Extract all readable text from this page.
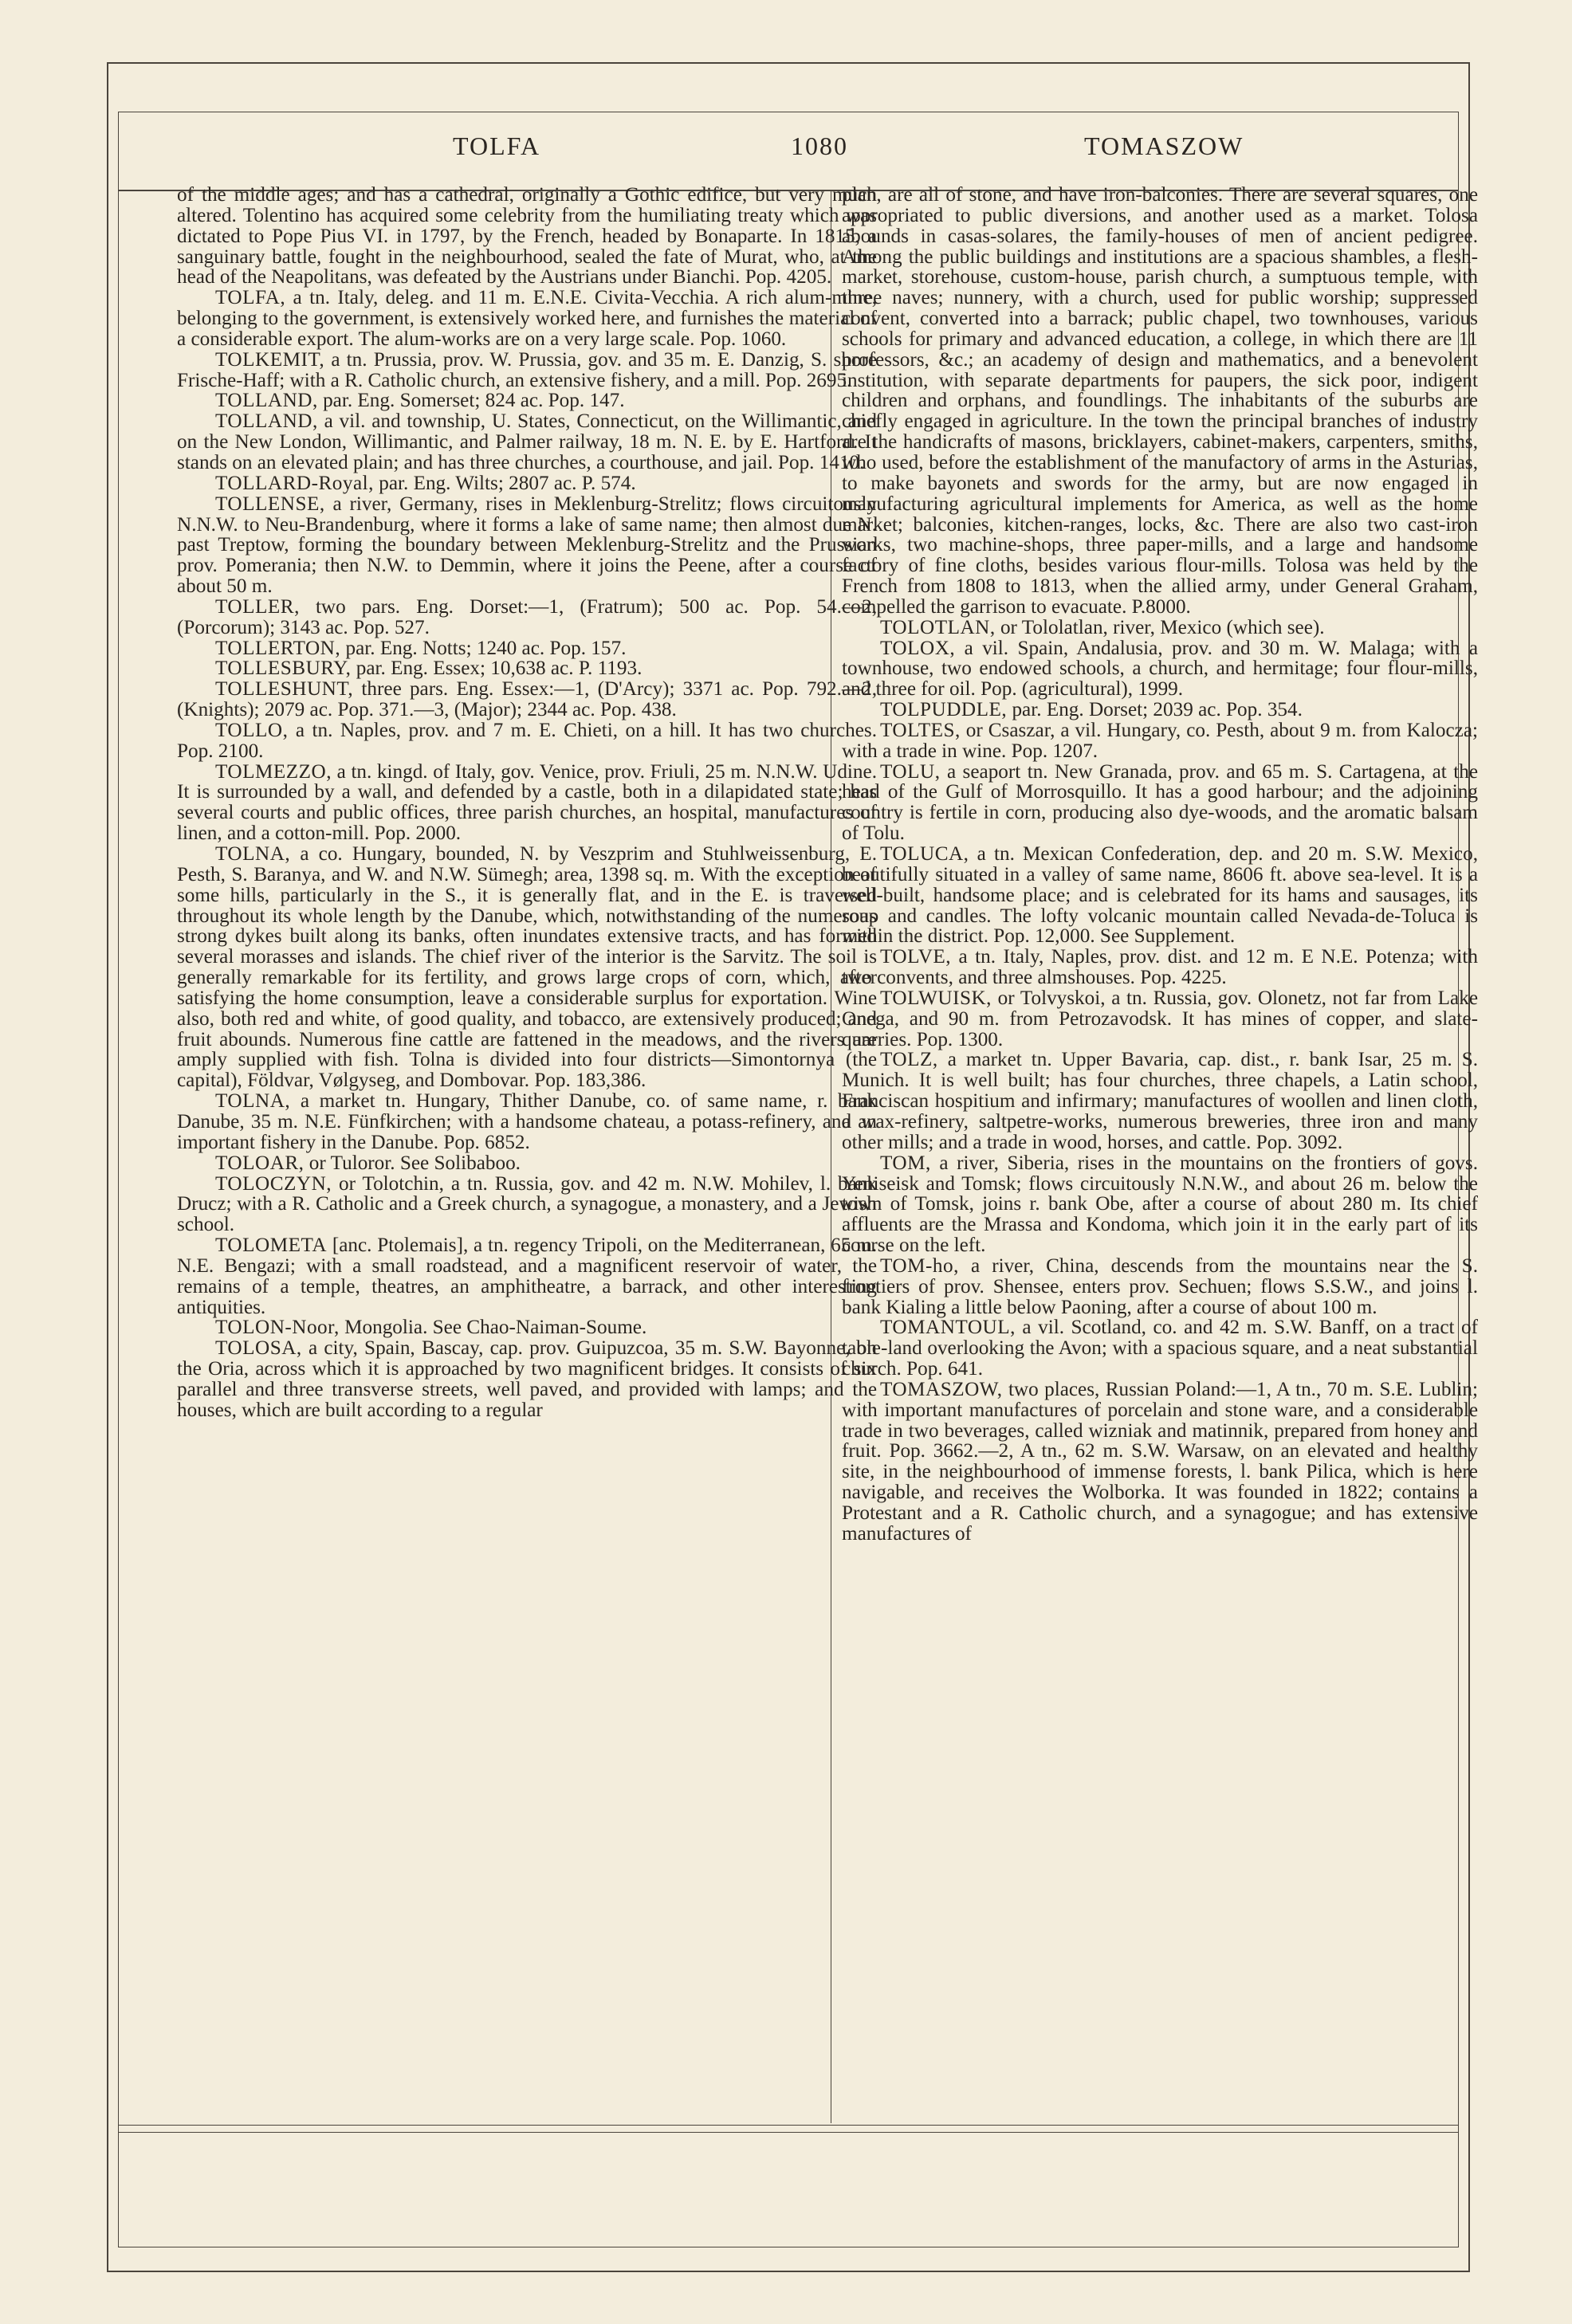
TOLFA	1080	TOMASZOW

of the middle ages; and has a cathedral, originally a Gothic edifice, but very much altered. Tolentino has acquired some celebrity from the humiliating treaty which was dictated to Pope Pius VI. in 1797, by the French, headed by Bonaparte. In 1815, a sanguinary battle, fought in the neighbourhood, sealed the fate of Murat, who, at the head of the Neapolitans, was defeated by the Austrians under Bianchi. Pop. 4205.

TOLFA, a tn. Italy, deleg. and 11 m. E.N.E. Civita-Vecchia. A rich alum-mine, belonging to the government, is extensively worked here, and furnishes the material of a considerable export. The alum-works are on a very large scale. Pop. 1060.

TOLKEMIT, a tn. Prussia, prov. W. Prussia, gov. and 35 m. E. Danzig, S. shore Frische-Haff; with a R. Catholic church, an extensive fishery, and a mill. Pop. 2695.

TOLLAND, par. Eng. Somerset; 824 ac. Pop. 147.

TOLLAND, a vil. and township, U. States, Connecticut, on the Willimantic, and on the New London, Willimantic, and Palmer railway, 18 m. N. E. by E. Hartford. It stands on an elevated plain; and has three churches, a courthouse, and jail. Pop. 1410.

TOLLARD-Royal, par. Eng. Wilts; 2807 ac. P. 574.

TOLLENSE, a river, Germany, rises in Meklenburg-Strelitz; flows circuitously N.N.W. to Neu-Brandenburg, where it forms a lake of same name; then almost due N. past Treptow, forming the boundary between Meklenburg-Strelitz and the Prussian prov. Pomerania; then N.W. to Demmin, where it joins the Peene, after a course of about 50 m.

TOLLER, two pars. Eng. Dorset:—1, (Fratrum); 500 ac. Pop. 54.—2, (Porcorum); 3143 ac. Pop. 527.

TOLLERTON, par. Eng. Notts; 1240 ac. Pop. 157.

TOLLESBURY, par. Eng. Essex; 10,638 ac. P. 1193.

TOLLESHUNT, three pars. Eng. Essex:—1, (D'Arcy); 3371 ac. Pop. 792.—2, (Knights); 2079 ac. Pop. 371.—3, (Major); 2344 ac. Pop. 438.

TOLLO, a tn. Naples, prov. and 7 m. E. Chieti, on a hill. It has two churches. Pop. 2100.

TOLMEZZO, a tn. kingd. of Italy, gov. Venice, prov. Friuli, 25 m. N.N.W. Udine. It is surrounded by a wall, and defended by a castle, both in a dilapidated state; has several courts and public offices, three parish churches, an hospital, manufactures of linen, and a cotton-mill. Pop. 2000.

TOLNA, a co. Hungary, bounded, N. by Veszprim and Stuhlweissenburg, E. Pesth, S. Baranya, and W. and N.W. Sümegh; area, 1398 sq. m. With the exception of some hills, particularly in the S., it is generally flat, and in the E. is traversed throughout its whole length by the Danube, which, notwithstanding of the numerous strong dykes built along its banks, often inundates extensive tracts, and has formed several morasses and islands. The chief river of the interior is the Sarvitz. The soil is generally remarkable for its fertility, and grows large crops of corn, which, after satisfying the home consumption, leave a considerable surplus for exportation. Wine also, both red and white, of good quality, and tobacco, are extensively produced; and fruit abounds. Numerous fine cattle are fattened in the meadows, and the rivers are amply supplied with fish. Tolna is divided into four districts—Simontornya (the capital), Földvar, Vølgyseg, and Dombovar. Pop. 183,386.

TOLNA, a market tn. Hungary, Thither Danube, co. of same name, r. bank Danube, 35 m. N.E. Fünfkirchen; with a handsome chateau, a potass-refinery, and an important fishery in the Danube. Pop. 6852.

TOLOAR, or Tuloror. See Solibaboo.

TOLOCZYN, or Tolotchin, a tn. Russia, gov. and 42 m. N.W. Mohilev, l. bank Drucz; with a R. Catholic and a Greek church, a synagogue, a monastery, and a Jewish school.

TOLOMETA [anc. Ptolemais], a tn. regency Tripoli, on the Mediterranean, 65 m. N.E. Bengazi; with a small roadstead, and a magnificent reservoir of water, the remains of a temple, theatres, an amphitheatre, a barrack, and other interesting antiquities.

TOLON-Noor, Mongolia. See Chao-Naiman-Soume.

TOLOSA, a city, Spain, Bascay, cap. prov. Guipuzcoa, 35 m. S.W. Bayonne, on the Oria, across which it is approached by two magnificent bridges. It consists of six parallel and three transverse streets, well paved, and provided with lamps; and the houses, which are built according to a regular

plan, are all of stone, and have iron-balconies. There are several squares, one appropriated to public diversions, and another used as a market. Tolosa abounds in casas-solares, the family-houses of men of ancient pedigree. Among the public buildings and institutions are a spacious shambles, a flesh-market, storehouse, custom-house, parish church, a sumptuous temple, with three naves; nunnery, with a church, used for public worship; suppressed convent, converted into a barrack; public chapel, two townhouses, various schools for primary and advanced education, a college, in which there are 11 professors, &c.; an academy of design and mathematics, and a benevolent institution, with separate departments for paupers, the sick poor, indigent children and orphans, and foundlings. The inhabitants of the suburbs are chiefly engaged in agriculture. In the town the principal branches of industry are the handicrafts of masons, bricklayers, cabinet-makers, carpenters, smiths, who used, before the establishment of the manufactory of arms in the Asturias, to make bayonets and swords for the army, but are now engaged in manufacturing agricultural implements for America, as well as the home market; balconies, kitchen-ranges, locks, &c. There are also two cast-iron works, two machine-shops, three paper-mills, and a large and handsome factory of fine cloths, besides various flour-mills. Tolosa was held by the French from 1808 to 1813, when the allied army, under General Graham, compelled the garrison to evacuate. P.8000.

TOLOTLAN, or Tololatlan, river, Mexico (which see).

TOLOX, a vil. Spain, Andalusia, prov. and 30 m. W. Malaga; with a townhouse, two endowed schools, a church, and hermitage; four flour-mills, and three for oil. Pop. (agricultural), 1999.

TOLPUDDLE, par. Eng. Dorset; 2039 ac. Pop. 354.

TOLTES, or Csaszar, a vil. Hungary, co. Pesth, about 9 m. from Kalocza; with a trade in wine. Pop. 1207.

TOLU, a seaport tn. New Granada, prov. and 65 m. S. Cartagena, at the head of the Gulf of Morrosquillo. It has a good harbour; and the adjoining country is fertile in corn, producing also dye-woods, and the aromatic balsam of Tolu.

TOLUCA, a tn. Mexican Confederation, dep. and 20 m. S.W. Mexico, beautifully situated in a valley of same name, 8606 ft. above sea-level. It is a well-built, handsome place; and is celebrated for its hams and sausages, its soap and candles. The lofty volcanic mountain called Nevada-de-Toluca is within the district. Pop. 12,000. See Supplement.

TOLVE, a tn. Italy, Naples, prov. dist. and 12 m. E N.E. Potenza; with two convents, and three almshouses. Pop. 4225.

TOLWUISK, or Tolvyskoi, a tn. Russia, gov. Olonetz, not far from Lake Onega, and 90 m. from Petrozavodsk. It has mines of copper, and slate-quarries. Pop. 1300.

TOLZ, a market tn. Upper Bavaria, cap. dist., r. bank Isar, 25 m. S. Munich. It is well built; has four churches, three chapels, a Latin school, Franciscan hospitium and infirmary; manufactures of woollen and linen cloth, a wax-refinery, saltpetre-works, numerous breweries, three iron and many other mills; and a trade in wood, horses, and cattle. Pop. 3092.

TOM, a river, Siberia, rises in the mountains on the frontiers of govs. Yeniseisk and Tomsk; flows circuitously N.N.W., and about 26 m. below the town of Tomsk, joins r. bank Obe, after a course of about 280 m. Its chief affluents are the Mrassa and Kondoma, which join it in the early part of its course on the left.

TOM-ho, a river, China, descends from the mountains near the S. frontiers of prov. Shensee, enters prov. Sechuen; flows S.S.W., and joins l. bank Kialing a little below Paoning, after a course of about 100 m.

TOMANTOUL, a vil. Scotland, co. and 42 m. S.W. Banff, on a tract of table-land overlooking the Avon; with a spacious square, and a neat substantial church. Pop. 641.

TOMASZOW, two places, Russian Poland:—1, A tn., 70 m. S.E. Lublin; with important manufactures of porcelain and stone ware, and a considerable trade in two beverages, called wizniak and matinnik, prepared from honey and fruit. Pop. 3662.—2, A tn., 62 m. S.W. Warsaw, on an elevated and healthy site, in the neighbourhood of immense forests, l. bank Pilica, which is here navigable, and receives the Wolborka. It was founded in 1822; contains a Protestant and a R. Catholic church, and a synagogue; and has extensive manufactures of
